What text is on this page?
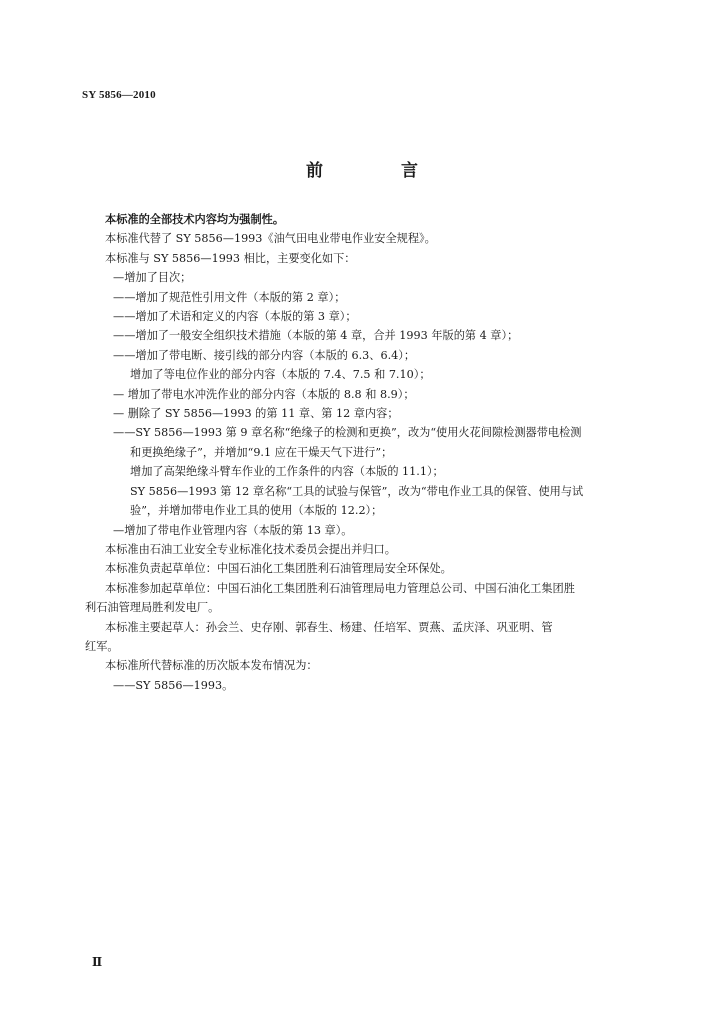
SY 5856—2010
前 言
本标准的全部技术内容均为强制性。
本标准代替了 SY 5856—1993《油气田电业带电作业安全规程》。
本标准与 SY 5856—1993 相比，主要变化如下：
—增加了目次；
——增加了规范性引用文件（本版的第 2 章）；
——增加了术语和定义的内容（本版的第 3 章）；
——增加了一般安全组织技术措施（本版的第 4 章，合并 1993 年版的第 4 章）；
——增加了带电断、接引线的部分内容（本版的 6.3、6.4）；
增加了等电位作业的部分内容（本版的 7.4、7.5 和 7.10）；
— 增加了带电水冲洗作业的部分内容（本版的 8.8 和 8.9）；
— 删除了 SY 5856—1993 的第 11 章、第 12 章内容；
——SY 5856—1993 第 9 章名称“绝缘子的检测和更换”，改为“使用火花间隙检测器带电检测
和更换绝缘子”，并增加“9.1 应在干燥天气下进行”；
增加了高架绝缘斗臂车作业的工作条件的内容（本版的 11.1）；
SY 5856—1993 第 12 章名称“工具的试验与保管”，改为“带电作业工具的保管、使用与试
验”，并增加带电作业工具的使用（本版的 12.2）；
—增加了带电作业管理内容（本版的第 13 章）。
本标准由石油工业安全专业标准化技术委员会提出并归口。
本标准负责起草单位：中国石油化工集团胜利石油管理局安全环保处。
本标准参加起草单位：中国石油化工集团胜利石油管理局电力管理总公司、中国石油化工集团胜
利石油管理局胜利发电厂。
本标准主要起草人：孙会兰、史存刚、郭春生、杨建、任培军、贾燕、孟庆泽、巩亚明、管
红军。
本标准所代替标准的历次版本发布情况为：
——SY 5856—1993。
Ⅱ
